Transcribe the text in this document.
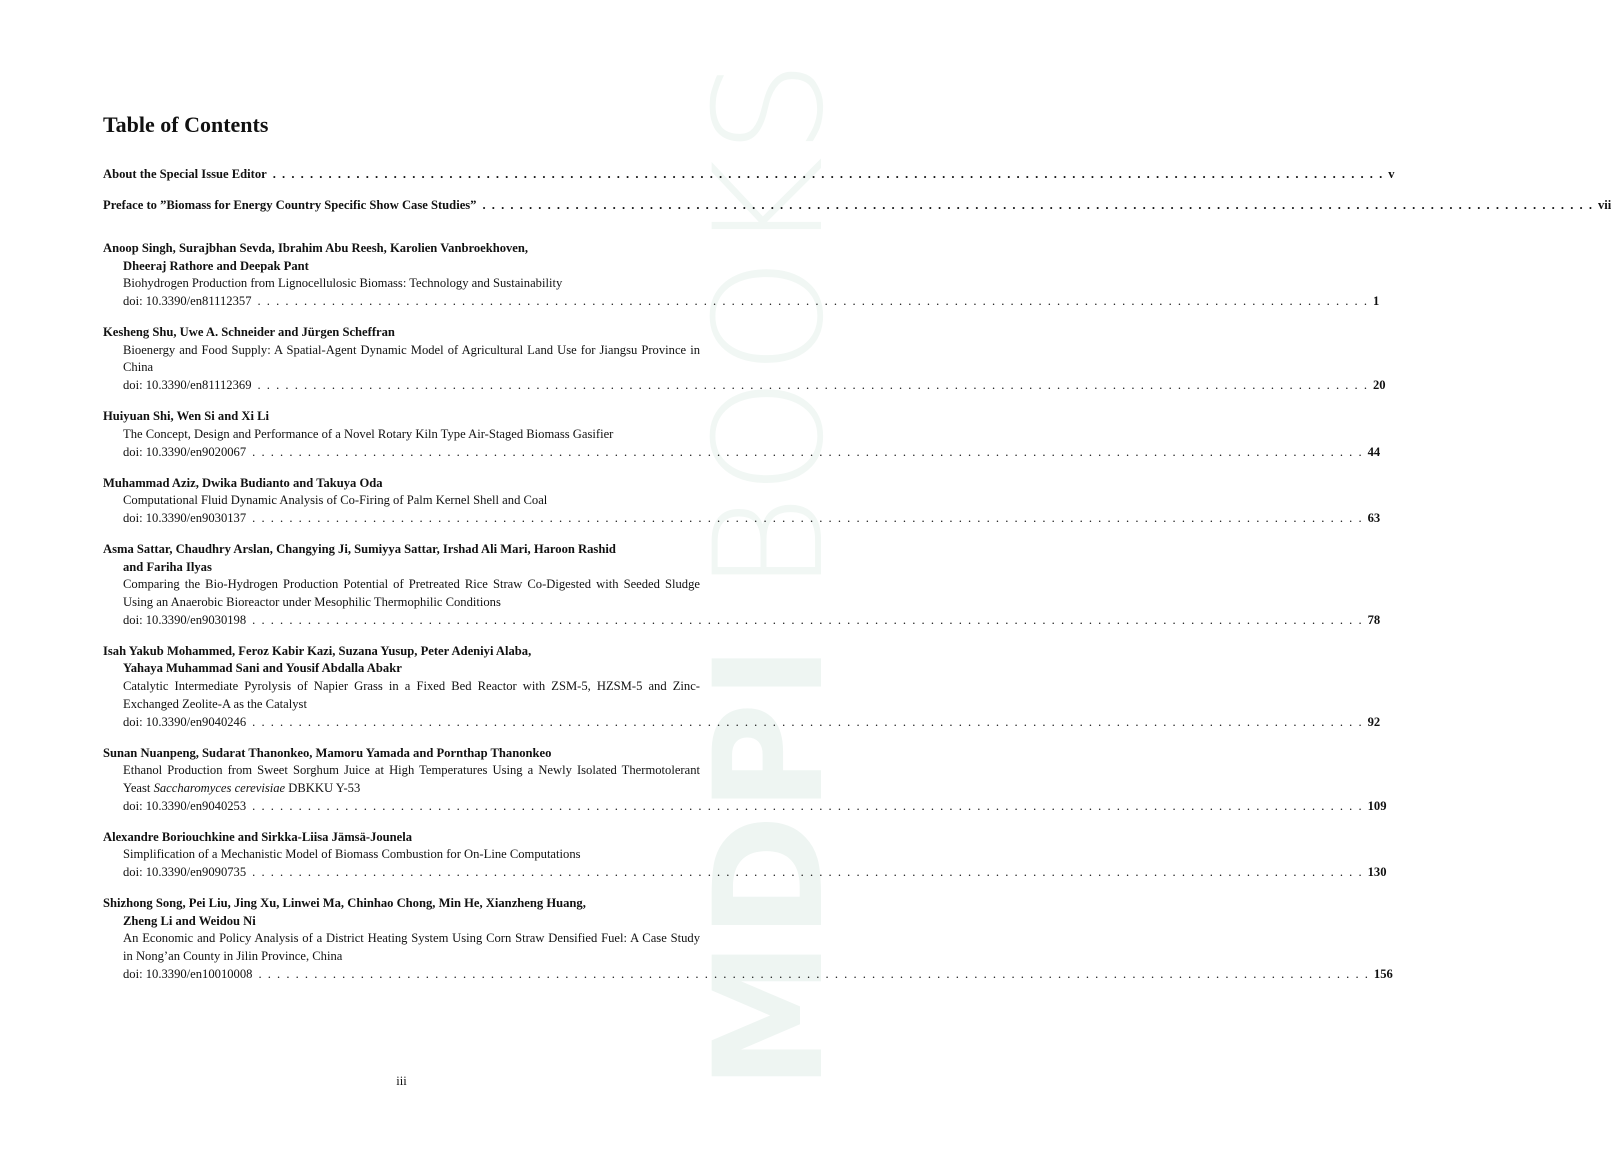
MDPI BOOKS
Table of Contents
About the Special Issue Editor . . . . . . . . . . . . . . . . . . . . . . . . . . . . . . . . . . . . . . . . . . . . . . . . . . . . . . . . . . . . . . . . . . . . . . . . . . . . . . . . . . . . . . . . . . . . . . . . . . . . . . . . . . . . . . . . . . . . . . . . v
Preface to ”Biomass for Energy Country Specific Show Case Studies” . . . . . . . . . . . . . . . . . . . . . . . . . . . . . . . . . . . . . . . . . . . . . . . . . . . . . . . . . . . . . . . . . . . . . . . . . . . . . . . . . . . . . . . . . . . . . . . . . . . . . . . . . . . . . . . . . . . . . . . . vii
Anoop Singh, Surajbhan Sevda, Ibrahim Abu Reesh, Karolien Vanbroekhoven,
Dheeraj Rathore and Deepak Pant
Biohydrogen Production from Lignocellulosic Biomass: Technology and Sustainability
doi: 10.3390/en81112357 . . . . . . . . . . . . . . . . . . . . . . . . . . . . . . . . . . . . . . . . . . . . . . . . . . . . . . . . . . . . . . . . . . . . . . . . . . . . . . . . . . . . . . . . . . . . . . . . . . . . . . . . . . . . . . . . . . . . . . . . 1
Kesheng Shu, Uwe A. Schneider and Jürgen Scheffran
Bioenergy and Food Supply: A Spatial-Agent Dynamic Model of Agricultural Land Use for Jiangsu Province in China
doi: 10.3390/en81112369 . . . . . . . . . . . . . . . . . . . . . . . . . . . . . . . . . . . . . . . . . . . . . . . . . . . . . . . . . . . . . . . . . . . . . . . . . . . . . . . . . . . . . . . . . . . . . . . . . . . . . . . . . . . . . . . . . . . . . . . . 20
Huiyuan Shi, Wen Si and Xi Li
The Concept, Design and Performance of a Novel Rotary Kiln Type Air-Staged Biomass Gasifier
doi: 10.3390/en9020067 . . . . . . . . . . . . . . . . . . . . . . . . . . . . . . . . . . . . . . . . . . . . . . . . . . . . . . . . . . . . . . . . . . . . . . . . . . . . . . . . . . . . . . . . . . . . . . . . . . . . . . . . . . . . . . . . . . . . . . . . 44
Muhammad Aziz, Dwika Budianto and Takuya Oda
Computational Fluid Dynamic Analysis of Co-Firing of Palm Kernel Shell and Coal
doi: 10.3390/en9030137 . . . . . . . . . . . . . . . . . . . . . . . . . . . . . . . . . . . . . . . . . . . . . . . . . . . . . . . . . . . . . . . . . . . . . . . . . . . . . . . . . . . . . . . . . . . . . . . . . . . . . . . . . . . . . . . . . . . . . . . . 63
Asma Sattar, Chaudhry Arslan, Changying Ji, Sumiyya Sattar, Irshad Ali Mari, Haroon Rashid
and Fariha Ilyas
Comparing the Bio-Hydrogen Production Potential of Pretreated Rice Straw Co-Digested with Seeded Sludge Using an Anaerobic Bioreactor under Mesophilic Thermophilic Conditions
doi: 10.3390/en9030198 . . . . . . . . . . . . . . . . . . . . . . . . . . . . . . . . . . . . . . . . . . . . . . . . . . . . . . . . . . . . . . . . . . . . . . . . . . . . . . . . . . . . . . . . . . . . . . . . . . . . . . . . . . . . . . . . . . . . . . . . 78
Isah Yakub Mohammed, Feroz Kabir Kazi, Suzana Yusup, Peter Adeniyi Alaba,
Yahaya Muhammad Sani and Yousif Abdalla Abakr
Catalytic Intermediate Pyrolysis of Napier Grass in a Fixed Bed Reactor with ZSM-5, HZSM-5 and Zinc-Exchanged Zeolite-A as the Catalyst
doi: 10.3390/en9040246 . . . . . . . . . . . . . . . . . . . . . . . . . . . . . . . . . . . . . . . . . . . . . . . . . . . . . . . . . . . . . . . . . . . . . . . . . . . . . . . . . . . . . . . . . . . . . . . . . . . . . . . . . . . . . . . . . . . . . . . . 92
Sunan Nuanpeng, Sudarat Thanonkeo, Mamoru Yamada and Pornthap Thanonkeo
Ethanol Production from Sweet Sorghum Juice at High Temperatures Using a Newly Isolated Thermotolerant Yeast Saccharomyces cerevisiae DBKKU Y-53
doi: 10.3390/en9040253 . . . . . . . . . . . . . . . . . . . . . . . . . . . . . . . . . . . . . . . . . . . . . . . . . . . . . . . . . . . . . . . . . . . . . . . . . . . . . . . . . . . . . . . . . . . . . . . . . . . . . . . . . . . . . . . . . . . . . . . . 109
Alexandre Boriouchkine and Sirkka-Liisa Jämsä-Jounela
Simplification of a Mechanistic Model of Biomass Combustion for On-Line Computations
doi: 10.3390/en9090735 . . . . . . . . . . . . . . . . . . . . . . . . . . . . . . . . . . . . . . . . . . . . . . . . . . . . . . . . . . . . . . . . . . . . . . . . . . . . . . . . . . . . . . . . . . . . . . . . . . . . . . . . . . . . . . . . . . . . . . . . 130
Shizhong Song, Pei Liu, Jing Xu, Linwei Ma, Chinhao Chong, Min He, Xianzheng Huang,
Zheng Li and Weidou Ni
An Economic and Policy Analysis of a District Heating System Using Corn Straw Densified Fuel: A Case Study in Nong’an County in Jilin Province, China
doi: 10.3390/en10010008 . . . . . . . . . . . . . . . . . . . . . . . . . . . . . . . . . . . . . . . . . . . . . . . . . . . . . . . . . . . . . . . . . . . . . . . . . . . . . . . . . . . . . . . . . . . . . . . . . . . . . . . . . . . . . . . . . . . . . . . . 156
iii
